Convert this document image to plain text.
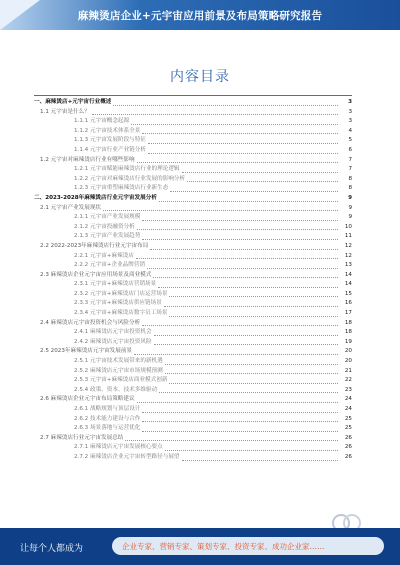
麻辣烫店企业+元宇宙应用前景及布局策略研究报告
内容目录
一、麻辣烫店+元宇宙行业概述	3
1.1 元宇宙是什么？	3
1.1.1 元宇宙概念起源	3
1.1.2 元宇宙技术体系全景	4
1.1.3 元宇宙发展阶段与特征	5
1.1.4 元宇宙行业产业链分析	6
1.2 元宇宙对麻辣烫店行业有哪些影响	7
1.2.1 元宇宙赋能麻辣烫店行业的理论逻辑	7
1.2.2 元宇宙对麻辣烫店行业发展的影响分析	8
1.2.3 元宇宙重塑麻辣烫店行业新生态	8
二、2023-2028年麻辣烫店行业元宇宙发展分析	9
2.1 元宇宙产业发展现状	9
2.1.1 元宇宙产业发展规模	9
2.1.2 元宇宙投融资分析	10
2.1.3 元宇宙产业发展趋势	11
2.2 2022-2023年麻辣烫店行业元宇宙布局	12
2.2.1 元宇宙+麻辣烫店	12
2.2.2 元宇宙+企业品牌营销	13
2.3 麻辣烫店企业元宇宙应用场景及商业模式	14
2.3.1 元宇宙+麻辣烫店营销场景	14
2.3.2 元宇宙+麻辣烫店门店运营场景	15
2.3.3 元宇宙+麻辣烫店供应链场景	16
2.3.4 元宇宙+麻辣烫店数字员工场景	17
2.4 麻辣烫店元宇宙投资机会与风险分析	18
2.4.1 麻辣烫店元宇宙投资机会	18
2.4.2 麻辣烫店元宇宙投资风险	19
2.5 2023年麻辣烫店元宇宙发展前景	20
2.5.1 元宇宙技术发展带来的新机遇	20
2.5.2 麻辣烫店元宇宙市场规模预测	21
2.5.3 元宇宙+麻辣烫店商业模式创新	22
2.5.4 政策、资本、技术多维驱动	23
2.6 麻辣烫店企业元宇宙布局策略建议	24
2.6.1 战略规划与顶层设计	24
2.6.2 技术能力建设与合作	25
2.6.3 场景落地与运营优化	25
2.7 麻辣烫店行业元宇宙发展总结	26
2.7.1 麻辣烫店元宇宙发展核心要点	26
2.7.2 麻辣烫店企业元宇宙转型路径与展望	26
让每个人都成为	企业专家、营销专家、策划专家、投资专家、成功企业家……
